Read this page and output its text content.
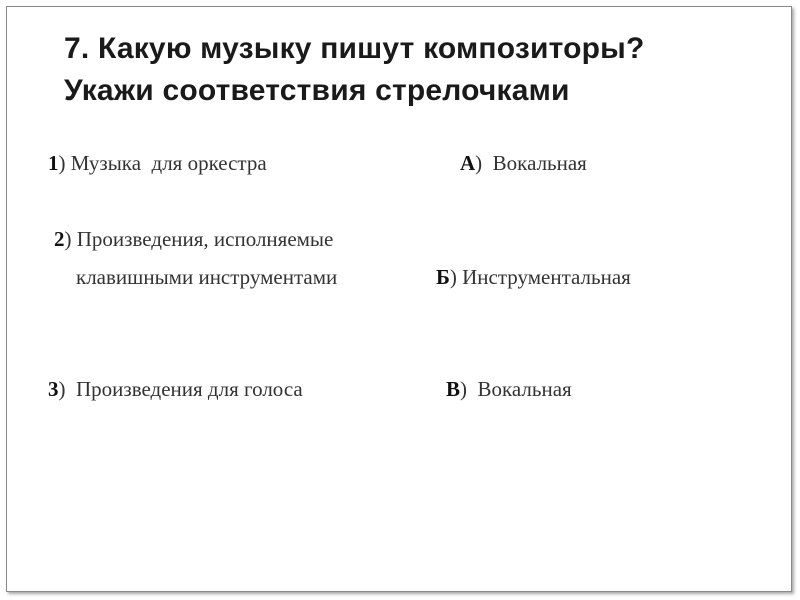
7. Какую музыку пишут композиторы?
Укажи соответствия стрелочками
1) Музыка  для оркестра
2) Произведения, исполняемые
клавишными инструментами
3)  Произведения для голоса
А)  Вокальная
Б) Инструментальная
В)  Вокальная
